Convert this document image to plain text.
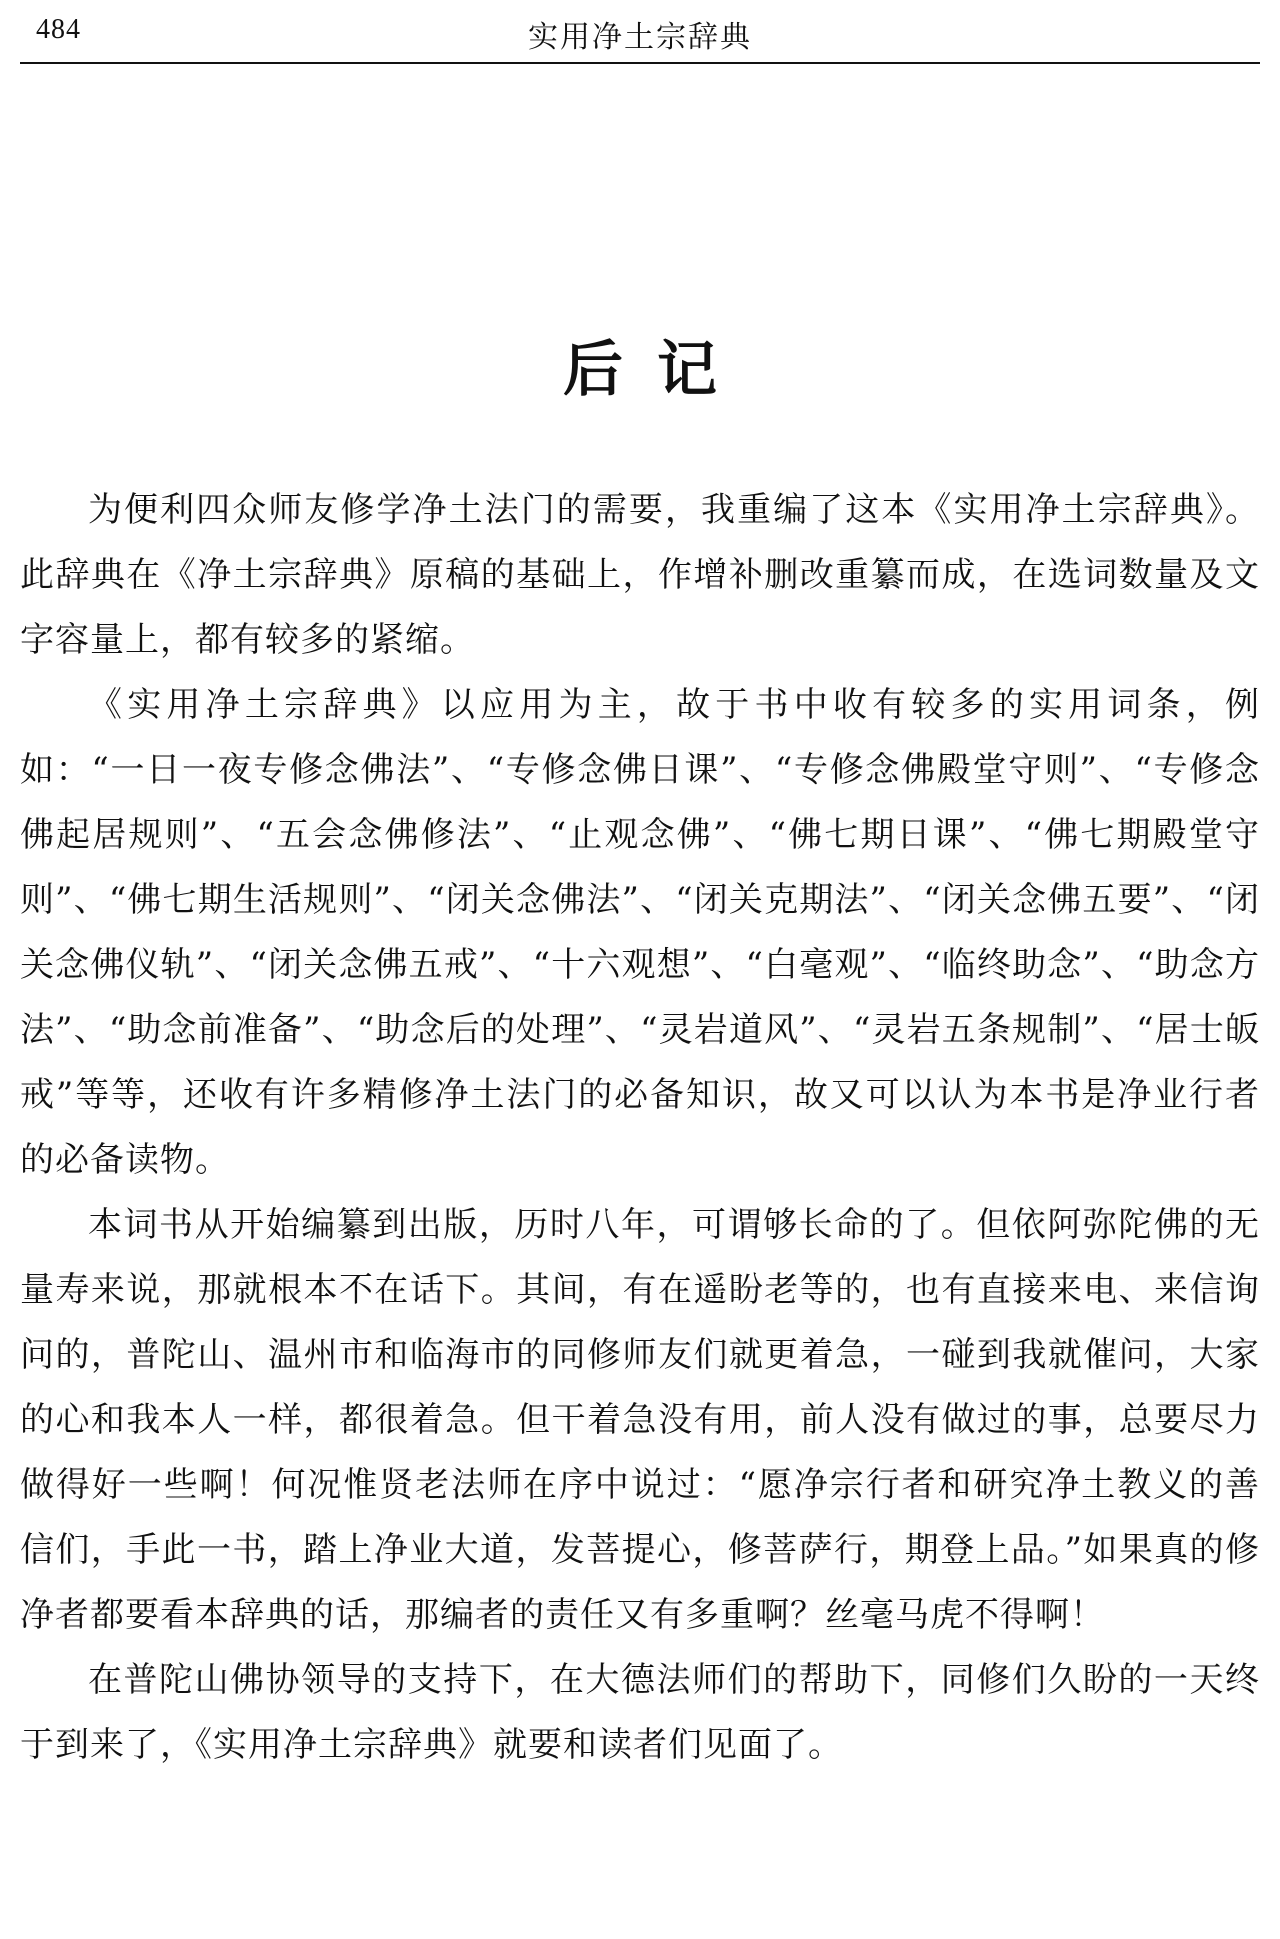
484	实用净土宗辞典
后记

为便利四众师友修学净土法门的需要，我重编了这本《实用净土宗辞典》。此辞典在《净土宗辞典》原稿的基础上，作增补删改重纂而成，在选词数量及文字容量上，都有较多的紧缩。

《实用净土宗辞典》以应用为主，故于书中收有较多的实用词条，例如：“一日一夜专修念佛法”、“专修念佛日课”、“专修念佛殿堂守则”、“专修念佛起居规则”、“五会念佛修法”、“止观念佛”、“佛七期日课”、“佛七期殿堂守则”、“佛七期生活规则”、“闭关念佛法”、“闭关克期法”、“闭关念佛五要”、“闭关念佛仪轨”、“闭关念佛五戒”、“十六观想”、“白毫观”、“临终助念”、“助念方法”、“助念前准备”、“助念后的处理”、“灵岩道风”、“灵岩五条规制”、“居士皈戒”等等，还收有许多精修净土法门的必备知识，故又可以认为本书是净业行者的必备读物。

本词书从开始编纂到出版，历时八年，可谓够长命的了。但依阿弥陀佛的无量寿来说，那就根本不在话下。其间，有在遥盼老等的，也有直接来电、来信询问的，普陀山、温州市和临海市的同修师友们就更着急，一碰到我就催问，大家的心和我本人一样，都很着急。但干着急没有用，前人没有做过的事，总要尽力做得好一些啊！何况惟贤老法师在序中说过：“愿净宗行者和研究净土教义的善信们，手此一书，踏上净业大道，发菩提心，修菩萨行，期登上品。”如果真的修净者都要看本辞典的话，那编者的责任又有多重啊？丝毫马虎不得啊！

在普陀山佛协领导的支持下，在大德法师们的帮助下，同修们久盼的一天终于到来了，《实用净土宗辞典》就要和读者们见面了。
